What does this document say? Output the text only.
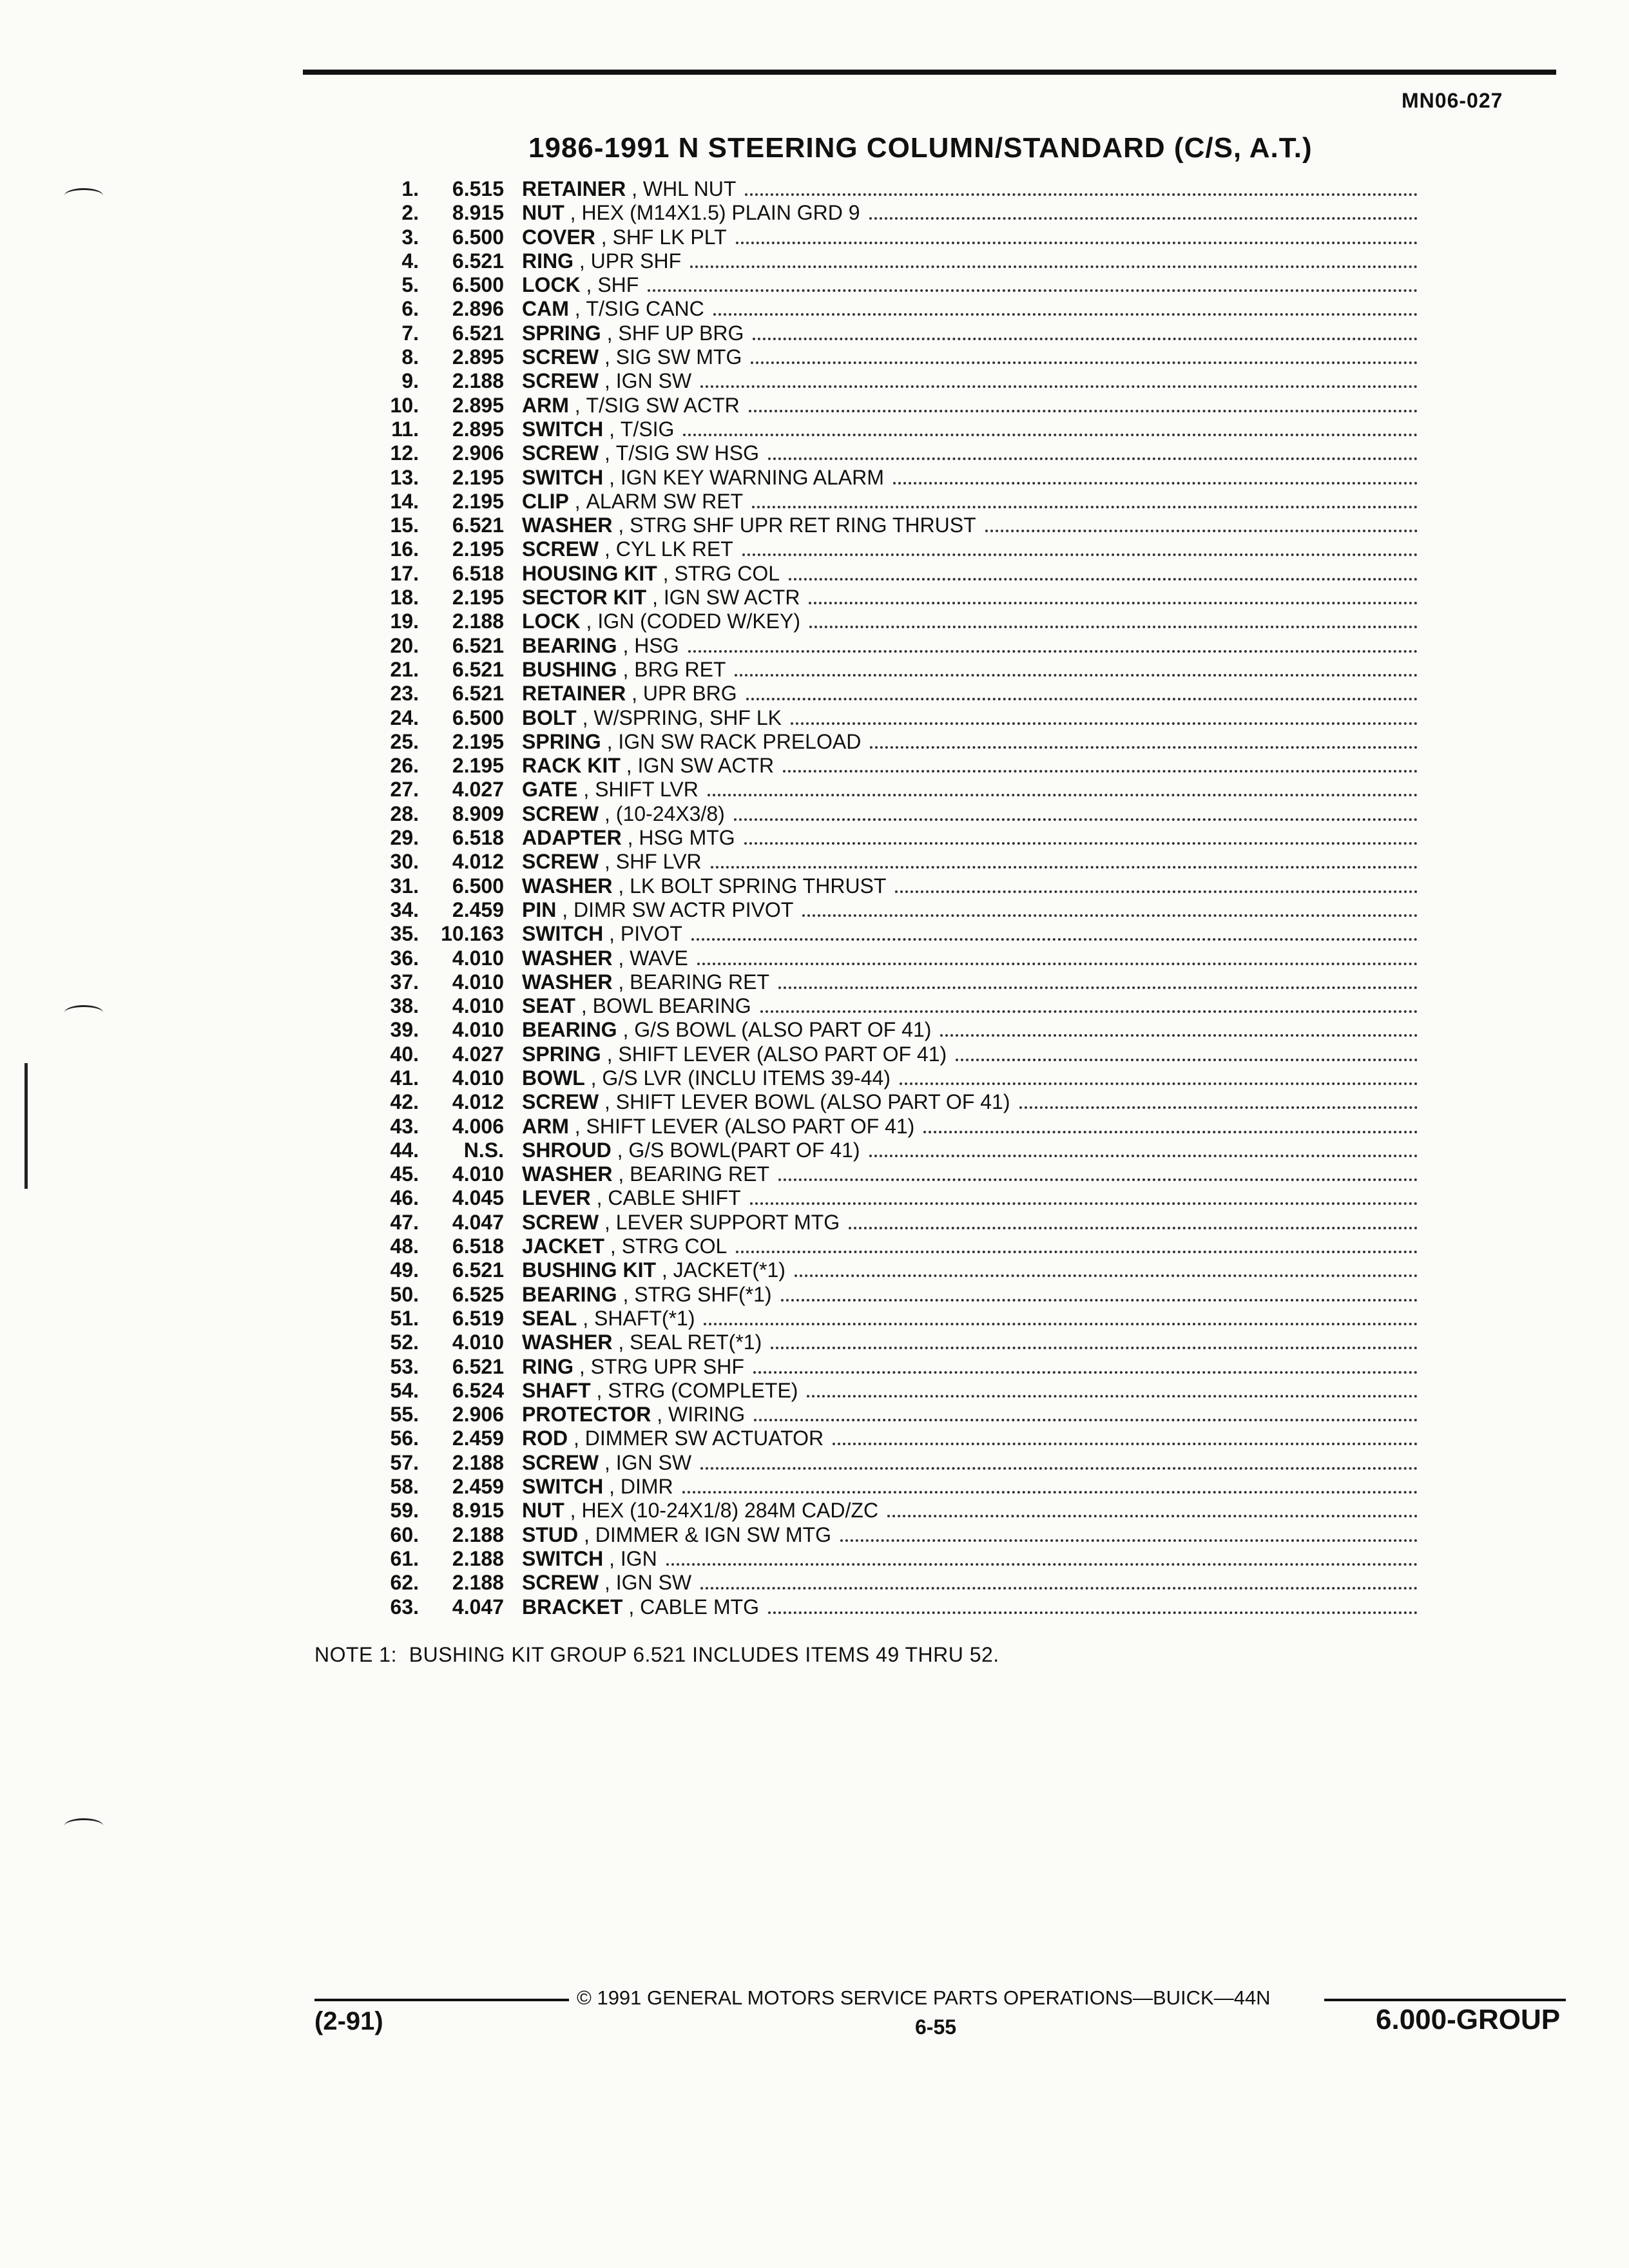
MN06-027
1986-1991 N STEERING COLUMN/STANDARD (C/S, A.T.)
1.	6.515 RETAINER , WHL NUT
2.	8.915 NUT , HEX (M14X1.5) PLAIN GRD 9
3.	6.500 COVER , SHF LK PLT
4.	6.521 RING , UPR SHF
5.	6.500 LOCK , SHF
6.	2.896 CAM , T/SIG CANC
7.	6.521 SPRING , SHF UP BRG
8.	2.895 SCREW , SIG SW MTG
9.	2.188 SCREW , IGN SW
10.	2.895 ARM , T/SIG SW ACTR
11.	2.895 SWITCH , T/SIG
12.	2.906 SCREW , T/SIG SW HSG
13.	2.195 SWITCH , IGN KEY WARNING ALARM
14.	2.195 CLIP , ALARM SW RET
15.	6.521 WASHER , STRG SHF UPR RET RING THRUST
16.	2.195 SCREW , CYL LK RET
17.	6.518 HOUSING KIT , STRG COL
18.	2.195 SECTOR KIT , IGN SW ACTR
19.	2.188 LOCK , IGN (CODED W/KEY)
20.	6.521 BEARING , HSG
21.	6.521 BUSHING , BRG RET
23.	6.521 RETAINER , UPR BRG
24.	6.500 BOLT , W/SPRING, SHF LK
25.	2.195 SPRING , IGN SW RACK PRELOAD
26.	2.195 RACK KIT , IGN SW ACTR
27.	4.027 GATE , SHIFT LVR
28.	8.909 SCREW , (10-24X3/8)
29.	6.518 ADAPTER , HSG MTG
30.	4.012 SCREW , SHF LVR
31.	6.500 WASHER , LK BOLT SPRING THRUST
34.	2.459 PIN , DIMR SW ACTR PIVOT
35.	10.163 SWITCH , PIVOT
36.	4.010 WASHER , WAVE
37.	4.010 WASHER , BEARING RET
38.	4.010 SEAT , BOWL BEARING
39.	4.010 BEARING , G/S BOWL (ALSO PART OF 41)
40.	4.027 SPRING , SHIFT LEVER (ALSO PART OF 41)
41.	4.010 BOWL , G/S LVR (INCLU ITEMS 39-44)
42.	4.012 SCREW , SHIFT LEVER BOWL (ALSO PART OF 41)
43.	4.006 ARM , SHIFT LEVER (ALSO PART OF 41)
44.	N.S. SHROUD , G/S BOWL(PART OF 41)
45.	4.010 WASHER , BEARING RET
46.	4.045 LEVER , CABLE SHIFT
47.	4.047 SCREW , LEVER SUPPORT MTG
48.	6.518 JACKET , STRG COL
49.	6.521 BUSHING KIT , JACKET(*1)
50.	6.525 BEARING , STRG SHF(*1)
51.	6.519 SEAL , SHAFT(*1)
52.	4.010 WASHER , SEAL RET(*1)
53.	6.521 RING , STRG UPR SHF
54.	6.524 SHAFT , STRG (COMPLETE)
55.	2.906 PROTECTOR , WIRING
56.	2.459 ROD , DIMMER SW ACTUATOR
57.	2.188 SCREW , IGN SW
58.	2.459 SWITCH , DIMR
59.	8.915 NUT , HEX (10-24X1/8) 284M CAD/ZC
60.	2.188 STUD , DIMMER & IGN SW MTG
61.	2.188 SWITCH , IGN
62.	2.188 SCREW , IGN SW
63.	4.047 BRACKET , CABLE MTG
NOTE 1: BUSHING KIT GROUP 6.521 INCLUDES ITEMS 49 THRU 52.
© 1991 GENERAL MOTORS SERVICE PARTS OPERATIONS—BUICK—44N
(2-91)	6-55	6.000-GROUP
